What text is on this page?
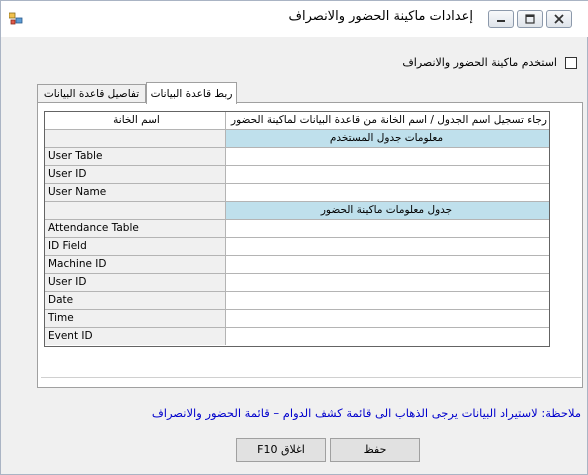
إعدادات ماكينة الحضور والانصراف
استخدم ماكينة الحضور والانصراف
ربط قاعدة البيانات
تفاصيل قاعدة البيانات
اسم الخانة	رجاء تسجيل اسم الجدول / اسم الخانة من قاعدة البيانات لماكينة الحضور
معلومات جدول المستخدم
User Table
User ID
User Name
جدول معلومات ماكينة الحضور
Attendance Table
ID Field
Machine ID
User ID
Date
Time
Event ID
ملاحظة: لاستيراد البيانات يرجى الذهاب الى قائمة كشف الدوام – قائمة الحضور والانصراف
حفظ
اغلاق F10
